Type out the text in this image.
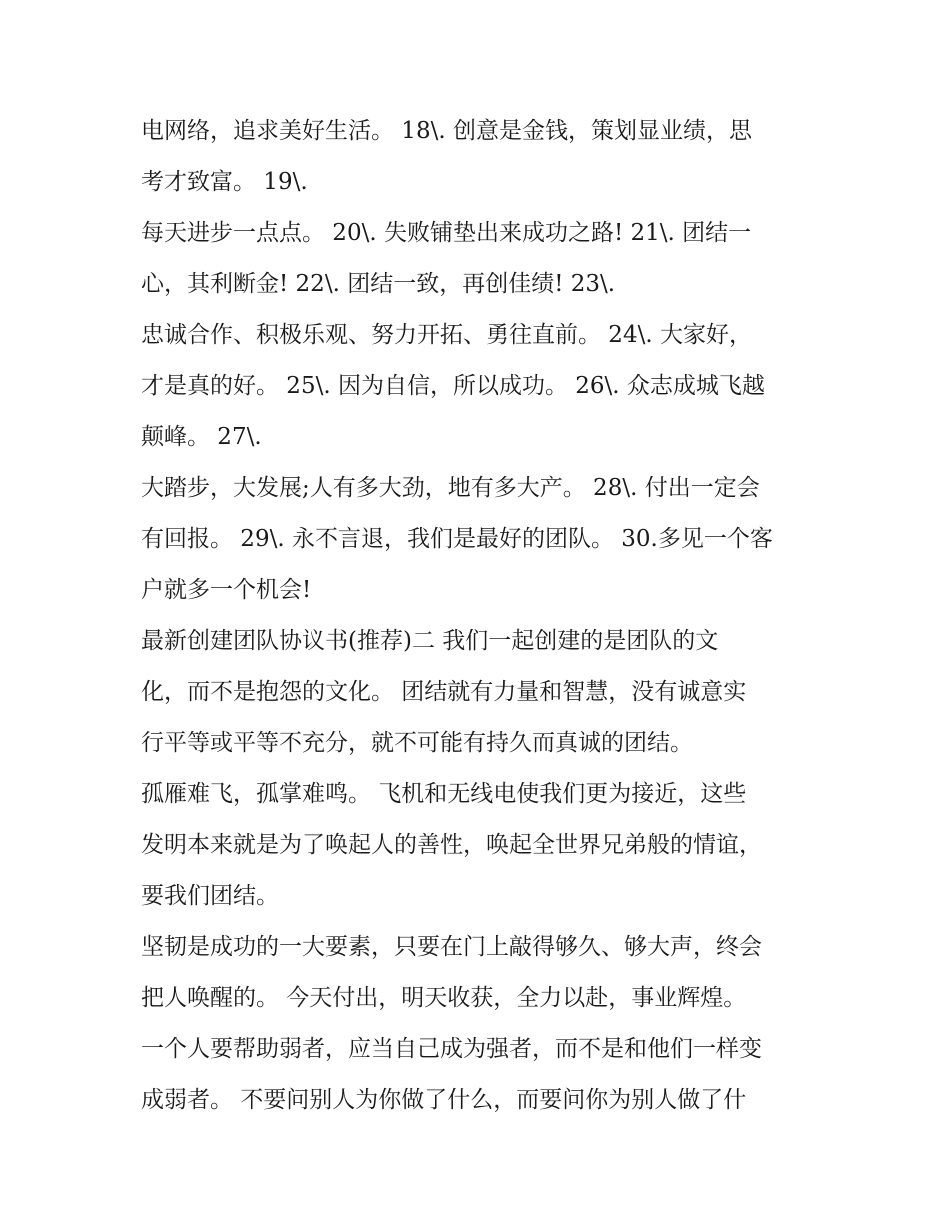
电网络，追求美好生活。 18\. 创意是金钱，策划显业绩，思
考才致富。 19\.
每天进步一点点。 20\. 失败铺垫出来成功之路! 21\. 团结一
心，其利断金! 22\. 团结一致，再创佳绩! 23\.
忠诚合作、积极乐观、努力开拓、勇往直前。 24\. 大家好，
才是真的好。 25\. 因为自信，所以成功。 26\. 众志成城飞越
颠峰。 27\.
大踏步，大发展;人有多大劲，地有多大产。 28\. 付出一定会
有回报。 29\. 永不言退，我们是最好的团队。 30.多见一个客
户就多一个机会!
最新创建团队协议书(推荐)二 我们一起创建的是团队的文
化，而不是抱怨的文化。 团结就有力量和智慧，没有诚意实
行平等或平等不充分，就不可能有持久而真诚的团结。
孤雁难飞，孤掌难鸣。 飞机和无线电使我们更为接近，这些
发明本来就是为了唤起人的善性，唤起全世界兄弟般的情谊，
要我们团结。
坚韧是成功的一大要素，只要在门上敲得够久、够大声，终会
把人唤醒的。 今天付出，明天收获，全力以赴，事业辉煌。
一个人要帮助弱者，应当自己成为强者，而不是和他们一样变
成弱者。 不要问别人为你做了什么，而要问你为别人做了什
